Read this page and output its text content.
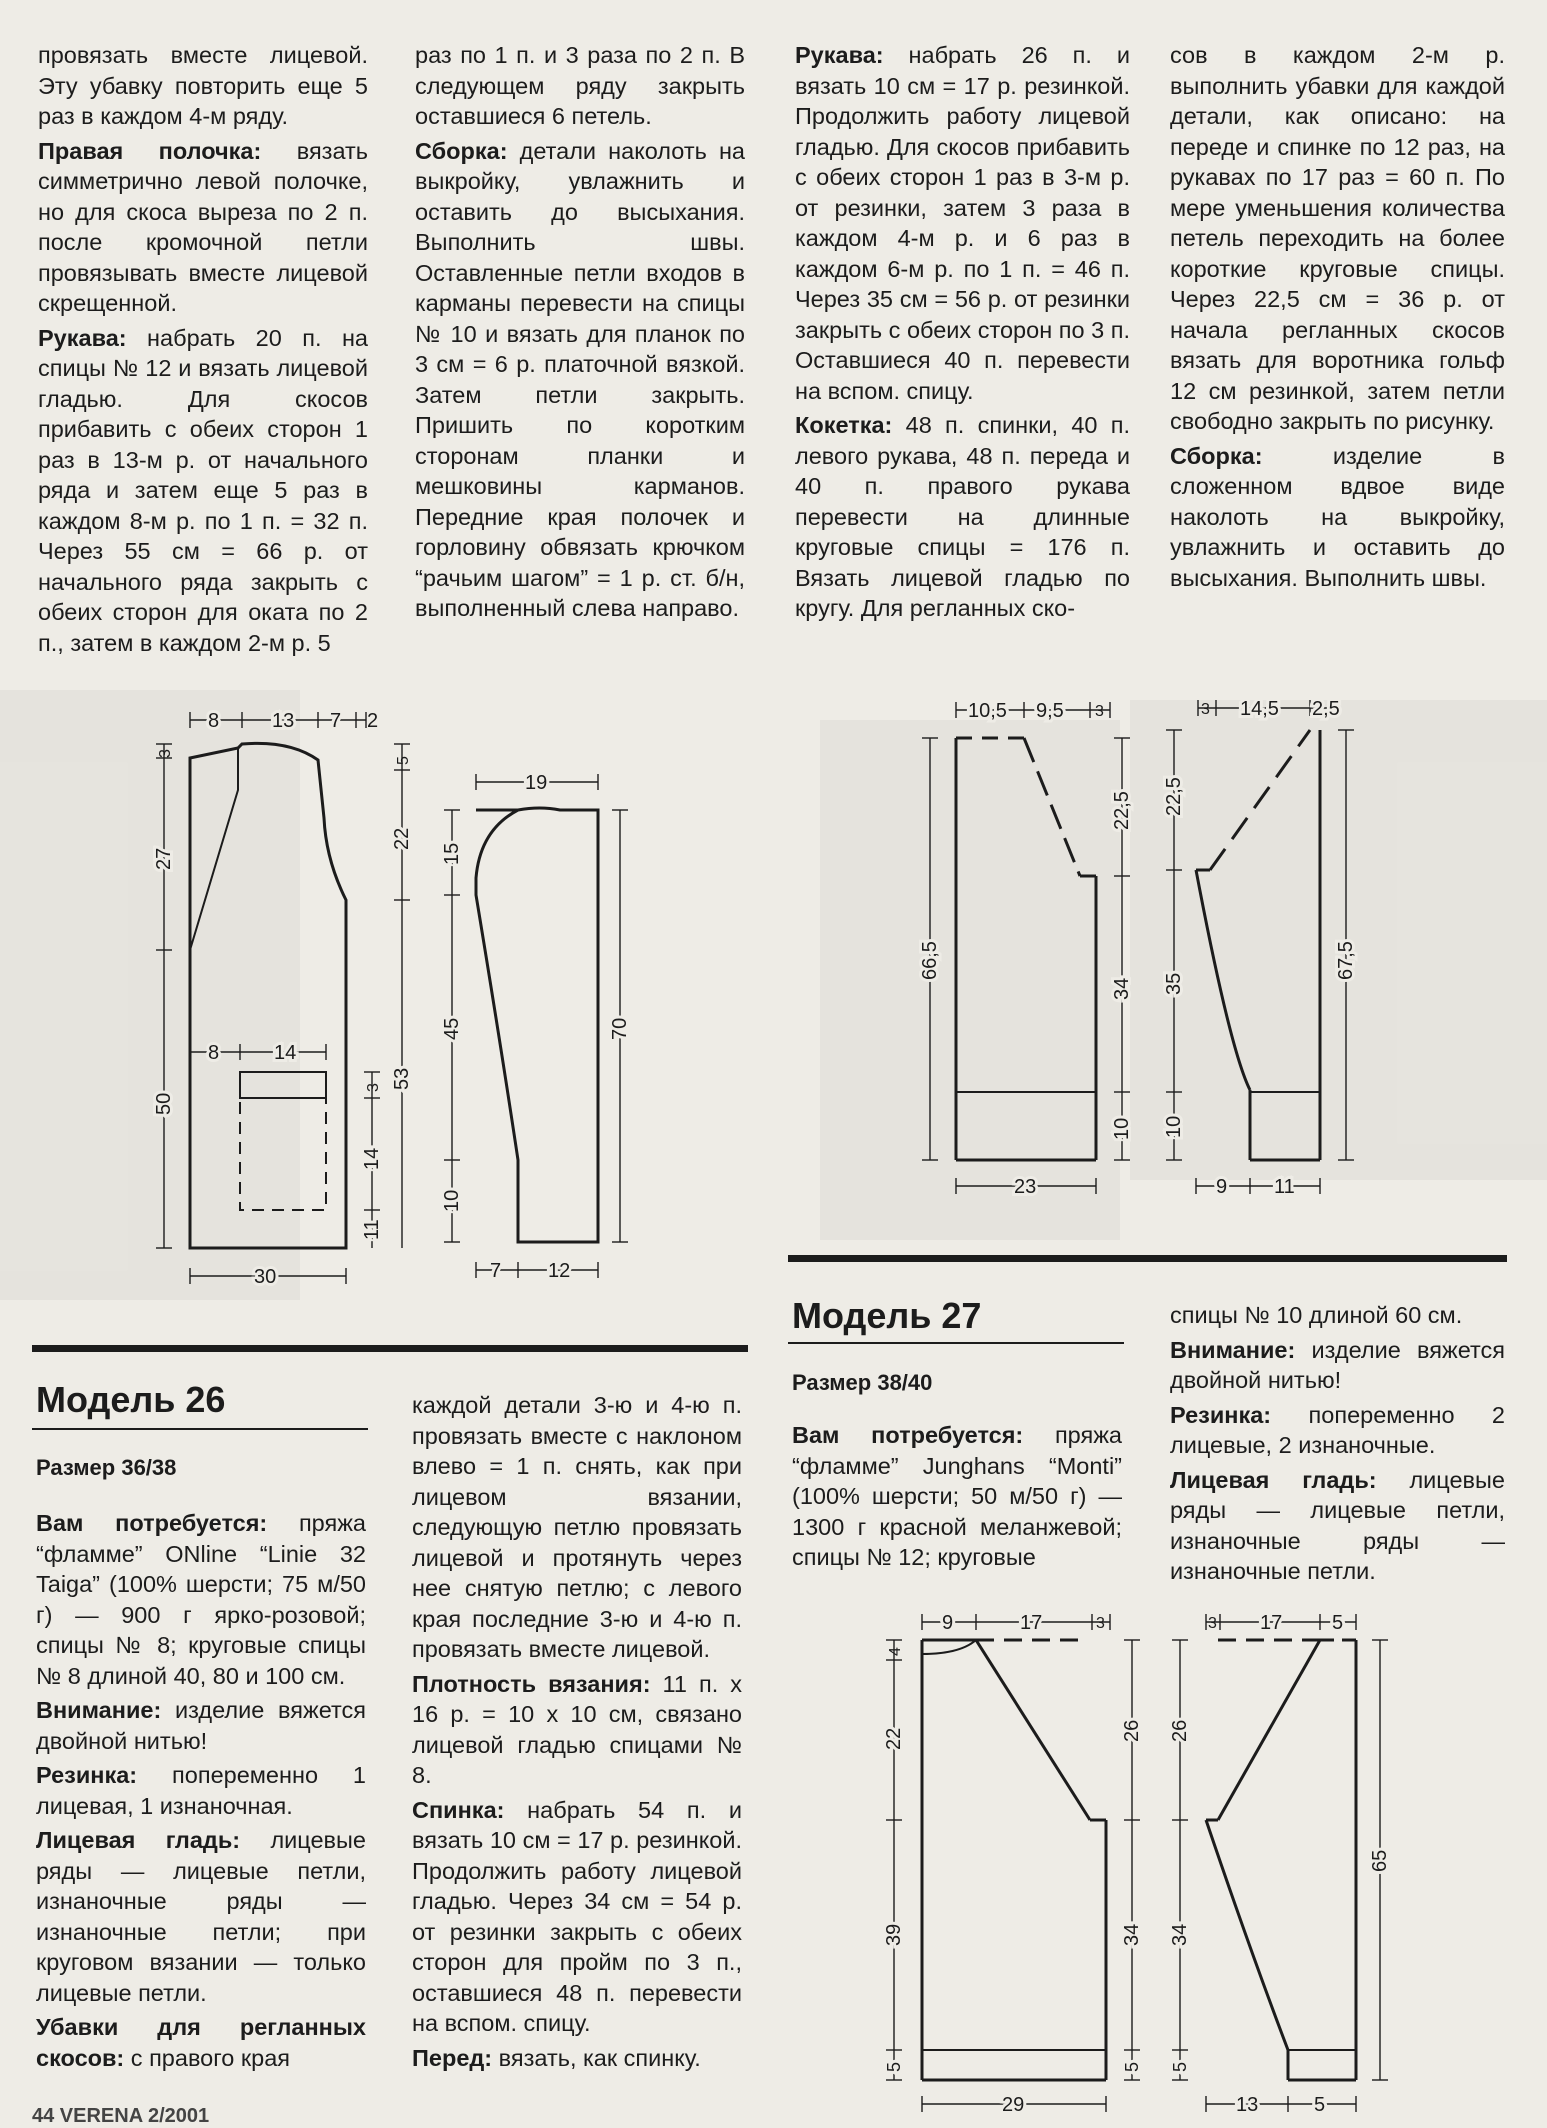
провязать вместе лицевой. Эту убавку повторить еще 5 раз в каждом 4-м ряду.

Правая полочка: вязать симметрично левой полочке, но для скоса выреза по 2 п. после кромочной петли провязывать вместе лицевой скрещенной.

Рукава: набрать 20 п. на спицы № 12 и вязать лицевой гладью. Для скосов прибавить с обеих сторон 1 раз в 13-м р. от начального ряда и затем еще 5 раз в каждом 8-м р. по 1 п. = 32 п. Через 55 см = 66 р. от начального ряда закрыть с обеих сторон для оката по 2 п., затем в каждом 2-м р. 5

раз по 1 п. и 3 раза по 2 п. В следующем ряду закрыть оставшиеся 6 петель.

Сборка: детали наколоть на выкройку, увлажнить и оставить до высыхания. Выполнить швы. Оставленные петли входов в карманы перевести на спицы № 10 и вязать для планок по 3 см = 6 р. платочной вязкой. Затем петли закрыть. Пришить по коротким сторонам планки и мешковины карманов. Передние края полочек и горловину обвязать крючком “рачьим шагом” = 1 р. ст. б/н, выполненный слева направо.

Рукава: набрать 26 п. и вязать 10 см = 17 р. резинкой. Продолжить работу лицевой гладью. Для скосов прибавить с обеих сторон 1 раз в 3-м р. от резинки, затем 3 раза в каждом 4-м р. и 6 раз в каждом 6-м р. по 1 п. = 46 п. Через 35 см = 56 р. от резинки закрыть с обеих сторон по 3 п. Оставшиеся 40 п. перевести на вспом. спицу.

Кокетка: 48 п. спинки, 40 п. левого рукава, 48 п. переда и 40 п. правого рукава перевести на длинные круговые спицы = 176 п. Вязать лицевой гладью по кругу. Для регланных ско-

сов в каждом 2-м р. выполнить убавки для каждой детали, как описано: на переде и спинке по 12 раз, на рукавах по 17 раз = 60 п. По мере уменьшения количества петель переходить на более короткие круговые спицы. Через 22,5 см = 36 р. от начала регланных скосов вязать для воротника гольф 12 см резинкой, затем петли свободно закрыть по рисунку.

Сборка: изделие в сложенном вдвое виде наколоть на выкройку, увлажнить и оставить до высыхания. Выполнить швы.

8	13 7 2
3
27
50
5
22
53
8	14
3
14
11
30
19
15
45
10
70
7 12
10,5 9,5 3
66,5
22,5
34
10
23
3 14,5 2,5
22,5
35
10
67,5
9 11
Модель 26
Размер 36/38

Вам потребуется: пряжа “фламме” ONline “Linie 32 Taiga” (100% шерсти; 75 м/50 г) — 900 г ярко-розовой; спицы № 8; круговые спицы № 8 длиной 40, 80 и 100 см.

Внимание: изделие вяжется двойной нитью!

Резинка: попеременно 1 лицевая, 1 изнаночная.

Лицевая гладь: лицевые ряды — лицевые петли, изнаночные ряды — изнаночные петли; при круговом вязании — только лицевые петли.

Убавки для регланных скосов: с правого края

каждой детали 3-ю и 4-ю п. провязать вместе с наклоном влево = 1 п. снять, как при лицевом вязании, следующую петлю провязать лицевой и протянуть через нее снятую петлю; с левого края последние 3-ю и 4-ю п. провязать вместе лицевой.

Плотность вязания: 11 п. х 16 р. = 10 х 10 см, связано лицевой гладью спицами № 8.

Спинка: набрать 54 п. и вязать 10 см = 17 р. резинкой. Продолжить работу лицевой гладью. Через 34 см = 54 р. от резинки закрыть с обеих сторон для пройм по 3 п., оставшиеся 48 п. перевести на вспом. спицу.

Перед: вязать, как спинку.

Модель 27
Размер 38/40

Вам потребуется: пряжа “фламме” Junghans “Monti” (100% шерсти; 50 м/50 г) — 1300 г красной меланжевой; спицы № 12; круговые

спицы № 10 длиной 60 см.

Внимание: изделие вяжется двойной нитью!

Резинка: попеременно 2 лицевые, 2 изнаночные.

Лицевая гладь: лицевые ряды — лицевые петли, изнаночные ряды — изнаночные петли.

9	17	3
4
22
39
5
26
34
5
29
3 17 5
26
34
5
65
13	5
44 VERENA 2/2001
